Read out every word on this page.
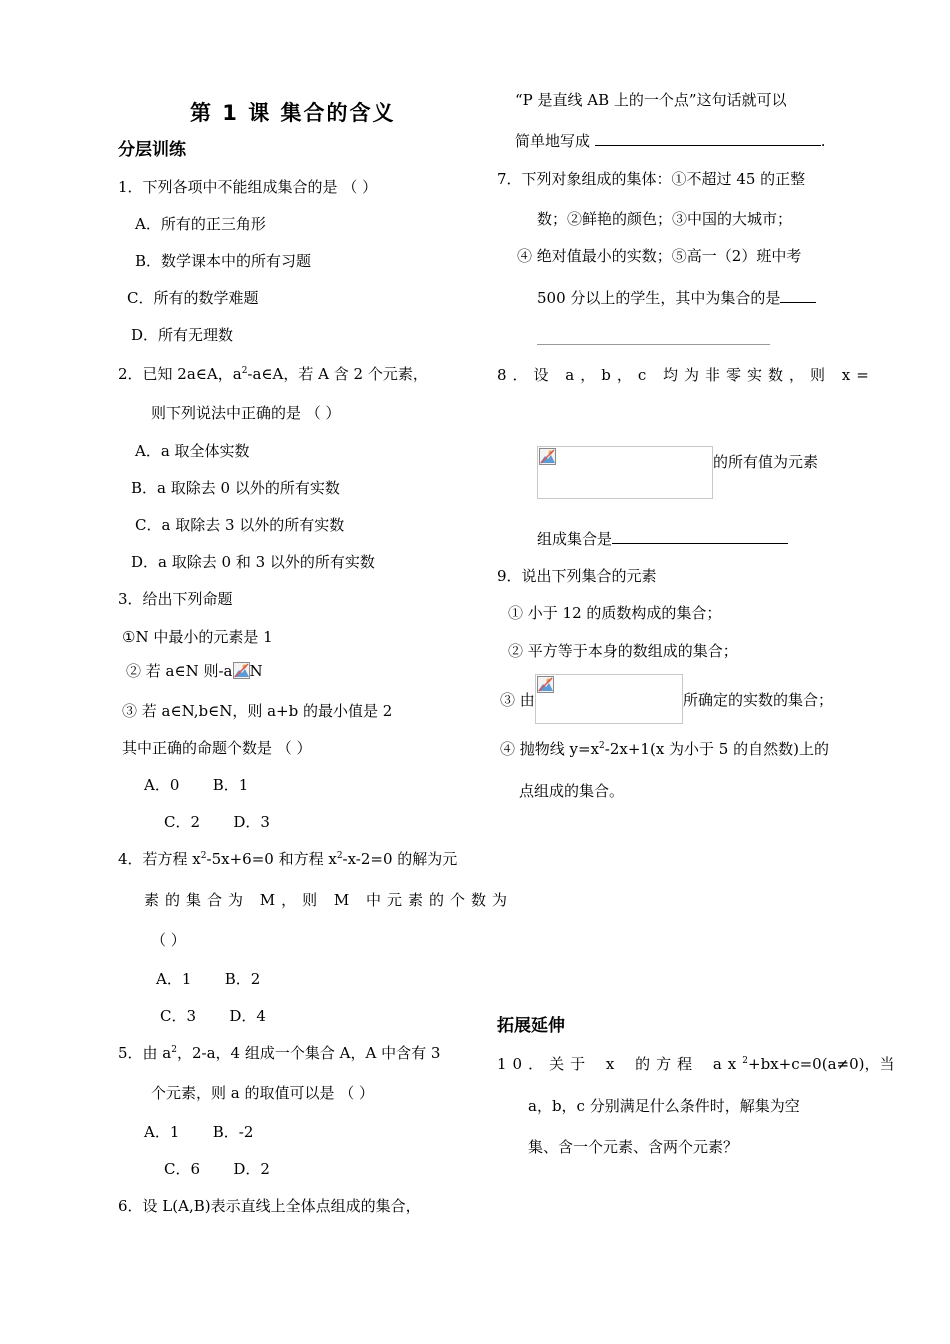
第 1 课 集合的含义
分层训练
1．下列各项中不能组成集合的是 （ ）
A．所有的正三角形
B．数学课本中的所有习题
C．所有的数学难题
D．所有无理数
2．已知 2a∈A，$a^2-a\in A$，若 A 含 2 个元素，
则下列说法中正确的是 （ ）
A．a 取全体实数
B．a 取除去 0 以外的所有实数
C．a 取除去 3 以外的所有实数
D．a 取除去 0 和 3 以外的所有实数
3．给出下列命题
①N 中最小的元素是 1
② 若 a∈N 则-a N
③ 若 a∈N,b∈N，则 a+b 的最小值是 2
其中正确的命题个数是 （ ）
A．0       B．1
C．2       D．3
4．若方程 $x^2-5x+6=0$ 和方程 $x^2-x-2=0$ 的解为元
素的集合为 M，则 M 中元素的个数为
（ ）
A．1       B．2
C．3       D．4
5．由 $a^2$，2-a，4 组成一个集合 A，A 中含有 3
个元素，则 a 的取值可以是 （ ）
A．1       B．-2
C．6       D．2
6．设 L(A,B)表示直线上全体点组成的集合，
“P 是直线 AB 上的一个点”这句话就可以
简单地写成	.
7．下列对象组成的集体：①不超过 45 的正整
数；②鲜艳的颜色；③中国的大城市；
④ 绝对值最小的实数；⑤高一（2）班中考
500 分以上的学生，其中为集合的是
8．设 a，b，c 均为非零实数，则 x=
的所有值为元素
组成集合是
9．说出下列集合的元素
① 小于 12 的质数构成的集合；
② 平方等于本身的数组成的集合；
③ 由	所确定的实数的集合；
④ 抛物线 $y=x^2-2x+1(x$ 为小于 5 的自然数)上的
点组成的集合。
拓展延伸
10．关于 x 的方程 $ax^2+bx+c=0(a\ne 0)$，当
a，b，c 分别满足什么条件时，解集为空
集、含一个元素、含两个元素？
